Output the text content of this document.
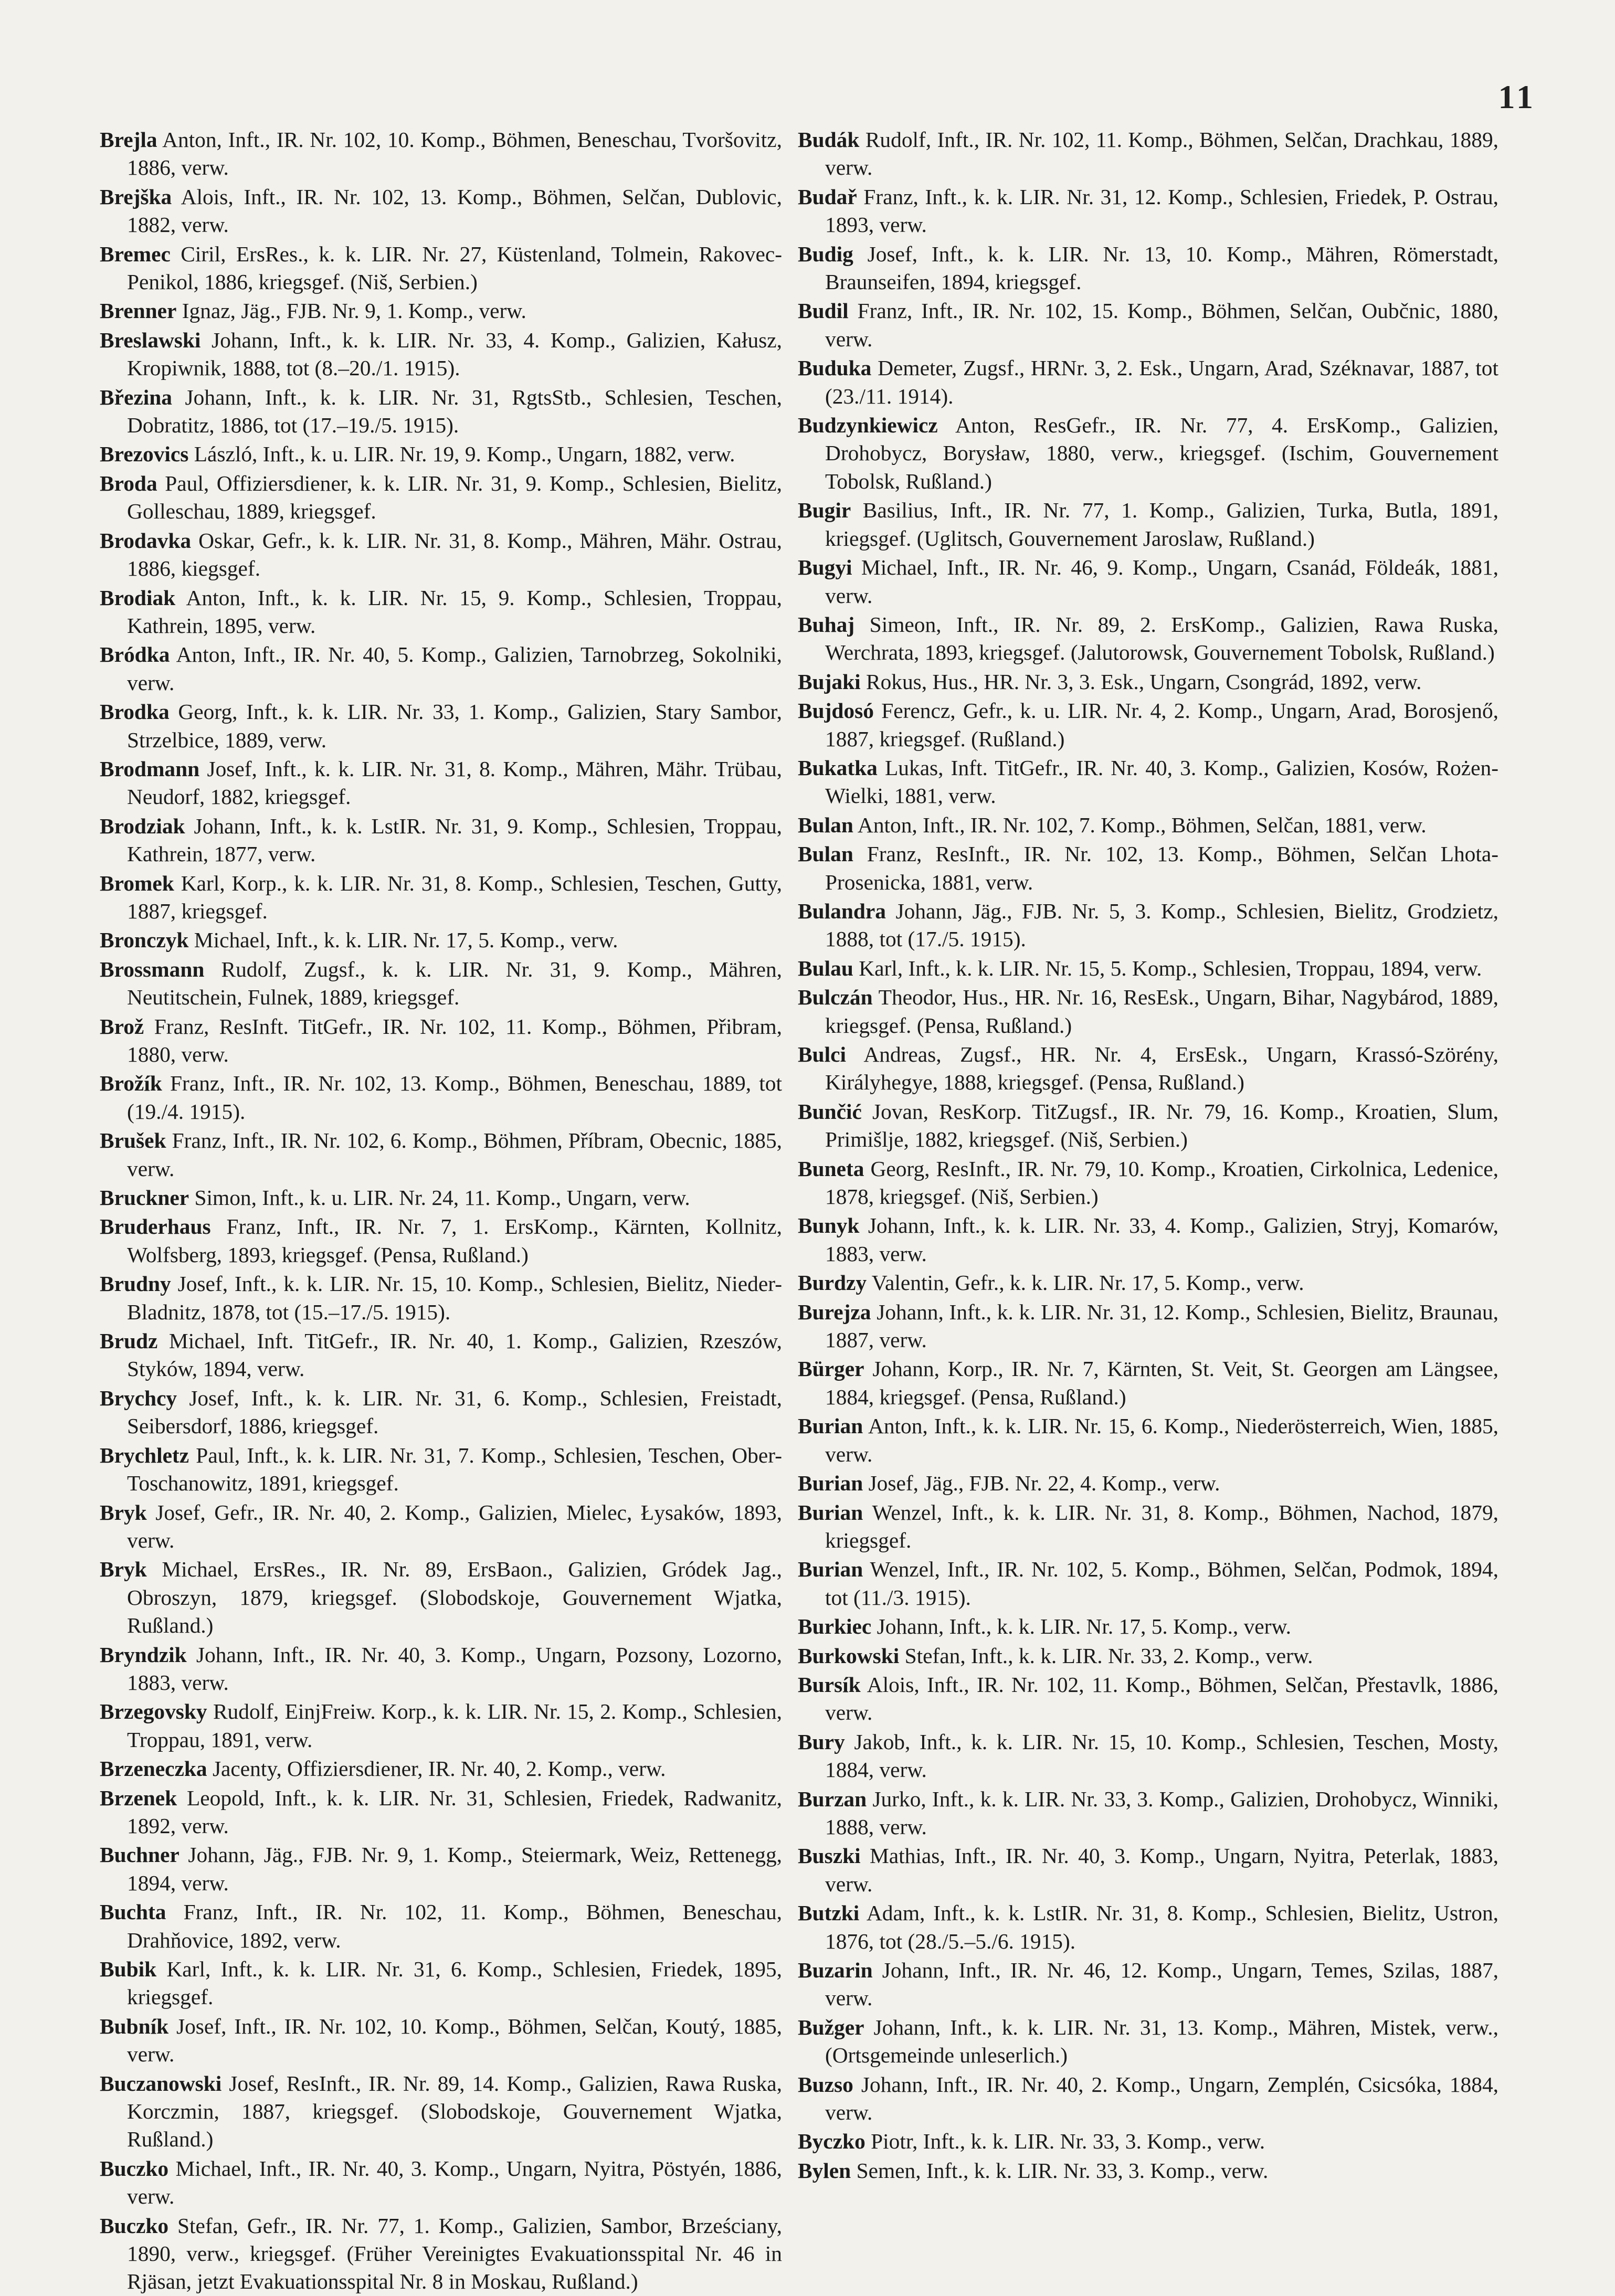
11

Brejla Anton, Inft., IR. Nr. 102, 10. Komp., Böhmen, Beneschau, Tvoršovitz, 1886, verw.

Brejška Alois, Inft., IR. Nr. 102, 13. Komp., Böhmen, Selčan, Dublovic, 1882, verw.

Bremec Ciril, ErsRes., k. k. LIR. Nr. 27, Küstenland, Tolmein, Rakovec-Penikol, 1886, kriegsgef. (Niš, Serbien.)

Brenner Ignaz, Jäg., FJB. Nr. 9, 1. Komp., verw.

Breslawski Johann, Inft., k. k. LIR. Nr. 33, 4. Komp., Galizien, Kałusz, Kropiwnik, 1888, tot (8.–20./1. 1915).

Březina Johann, Inft., k. k. LIR. Nr. 31, RgtsStb., Schlesien, Teschen, Dobratitz, 1886, tot (17.–19./5. 1915).

Brezovics László, Inft., k. u. LIR. Nr. 19, 9. Komp., Ungarn, 1882, verw.

Broda Paul, Offiziersdiener, k. k. LIR. Nr. 31, 9. Komp., Schlesien, Bielitz, Golleschau, 1889, kriegsgef.

Brodavka Oskar, Gefr., k. k. LIR. Nr. 31, 8. Komp., Mähren, Mähr. Ostrau, 1886, kiegsgef.

Brodiak Anton, Inft., k. k. LIR. Nr. 15, 9. Komp., Schlesien, Troppau, Kathrein, 1895, verw.

Bródka Anton, Inft., IR. Nr. 40, 5. Komp., Galizien, Tarnobrzeg, Sokolniki, verw.

Brodka Georg, Inft., k. k. LIR. Nr. 33, 1. Komp., Galizien, Stary Sambor, Strzelbice, 1889, verw.

Brodmann Josef, Inft., k. k. LIR. Nr. 31, 8. Komp., Mähren, Mähr. Trübau, Neudorf, 1882, kriegsgef.

Brodziak Johann, Inft., k. k. LstIR. Nr. 31, 9. Komp., Schlesien, Troppau, Kathrein, 1877, verw.

Bromek Karl, Korp., k. k. LIR. Nr. 31, 8. Komp., Schlesien, Teschen, Gutty, 1887, kriegsgef.

Bronczyk Michael, Inft., k. k. LIR. Nr. 17, 5. Komp., verw.

Brossmann Rudolf, Zugsf., k. k. LIR. Nr. 31, 9. Komp., Mähren, Neutitschein, Fulnek, 1889, kriegsgef.

Brož Franz, ResInft. TitGefr., IR. Nr. 102, 11. Komp., Böhmen, Přibram, 1880, verw.

Brožík Franz, Inft., IR. Nr. 102, 13. Komp., Böhmen, Beneschau, 1889, tot (19./4. 1915).

Brušek Franz, Inft., IR. Nr. 102, 6. Komp., Böhmen, Příbram, Obecnic, 1885, verw.

Bruckner Simon, Inft., k. u. LIR. Nr. 24, 11. Komp., Ungarn, verw.

Bruderhaus Franz, Inft., IR. Nr. 7, 1. ErsKomp., Kärnten, Kollnitz, Wolfsberg, 1893, kriegsgef. (Pensa, Rußland.)

Brudny Josef, Inft., k. k. LIR. Nr. 15, 10. Komp., Schlesien, Bielitz, Nieder-Bladnitz, 1878, tot (15.–17./5. 1915).

Brudz Michael, Inft. TitGefr., IR. Nr. 40, 1. Komp., Galizien, Rzeszów, Styków, 1894, verw.

Brychcy Josef, Inft., k. k. LIR. Nr. 31, 6. Komp., Schlesien, Freistadt, Seibersdorf, 1886, kriegsgef.

Brychletz Paul, Inft., k. k. LIR. Nr. 31, 7. Komp., Schlesien, Teschen, Ober-Toschanowitz, 1891, kriegsgef.

Bryk Josef, Gefr., IR. Nr. 40, 2. Komp., Galizien, Mielec, Łysaków, 1893, verw.

Bryk Michael, ErsRes., IR. Nr. 89, ErsBaon., Galizien, Gródek Jag., Obroszyn, 1879, kriegsgef. (Slobodskoje, Gouvernement Wjatka, Rußland.)

Bryndzik Johann, Inft., IR. Nr. 40, 3. Komp., Ungarn, Pozsony, Lozorno, 1883, verw.

Brzegovsky Rudolf, EinjFreiw. Korp., k. k. LIR. Nr. 15, 2. Komp., Schlesien, Troppau, 1891, verw.

Brzeneczka Jacenty, Offiziersdiener, IR. Nr. 40, 2. Komp., verw.

Brzenek Leopold, Inft., k. k. LIR. Nr. 31, Schlesien, Friedek, Radwanitz, 1892, verw.

Buchner Johann, Jäg., FJB. Nr. 9, 1. Komp., Steiermark, Weiz, Rettenegg, 1894, verw.

Buchta Franz, Inft., IR. Nr. 102, 11. Komp., Böhmen, Beneschau, Drahňovice, 1892, verw.

Bubik Karl, Inft., k. k. LIR. Nr. 31, 6. Komp., Schlesien, Friedek, 1895, kriegsgef.

Bubník Josef, Inft., IR. Nr. 102, 10. Komp., Böhmen, Selčan, Koutý, 1885, verw.

Buczanowski Josef, ResInft., IR. Nr. 89, 14. Komp., Galizien, Rawa Ruska, Korczmin, 1887, kriegsgef. (Slobodskoje, Gouvernement Wjatka, Rußland.)

Buczko Michael, Inft., IR. Nr. 40, 3. Komp., Ungarn, Nyitra, Pöstyén, 1886, verw.

Buczko Stefan, Gefr., IR. Nr. 77, 1. Komp., Galizien, Sambor, Brześciany, 1890, verw., kriegsgef. (Früher Vereinigtes Evakuationsspital Nr. 46 in Rjäsan, jetzt Evakuationsspital Nr. 8 in Moskau, Rußland.)

Budák Rudolf, Inft., IR. Nr. 102, 11. Komp., Böhmen, Selčan, Drachkau, 1889, verw.

Budař Franz, Inft., k. k. LIR. Nr. 31, 12. Komp., Schlesien, Friedek, P. Ostrau, 1893, verw.

Budig Josef, Inft., k. k. LIR. Nr. 13, 10. Komp., Mähren, Römerstadt, Braunseifen, 1894, kriegsgef.

Budil Franz, Inft., IR. Nr. 102, 15. Komp., Böhmen, Selčan, Oubčnic, 1880, verw.

Buduka Demeter, Zugsf., HRNr. 3, 2. Esk., Ungarn, Arad, Széknavar, 1887, tot (23./11. 1914).

Budzynkiewicz Anton, ResGefr., IR. Nr. 77, 4. ErsKomp., Galizien, Drohobycz, Borysław, 1880, verw., kriegsgef. (Ischim, Gouvernement Tobolsk, Rußland.)

Bugir Basilius, Inft., IR. Nr. 77, 1. Komp., Galizien, Turka, Butla, 1891, kriegsgef. (Uglitsch, Gouvernement Jaroslaw, Rußland.)

Bugyi Michael, Inft., IR. Nr. 46, 9. Komp., Ungarn, Csanád, Földeák, 1881, verw.

Buhaj Simeon, Inft., IR. Nr. 89, 2. ErsKomp., Galizien, Rawa Ruska, Werchrata, 1893, kriegsgef. (Jalutorowsk, Gouvernement Tobolsk, Rußland.)

Bujaki Rokus, Hus., HR. Nr. 3, 3. Esk., Ungarn, Csongrád, 1892, verw.

Bujdosó Ferencz, Gefr., k. u. LIR. Nr. 4, 2. Komp., Ungarn, Arad, Borosjenő, 1887, kriegsgef. (Rußland.)

Bukatka Lukas, Inft. TitGefr., IR. Nr. 40, 3. Komp., Galizien, Kosów, Rożen-Wielki, 1881, verw.

Bulan Anton, Inft., IR. Nr. 102, 7. Komp., Böhmen, Selčan, 1881, verw.

Bulan Franz, ResInft., IR. Nr. 102, 13. Komp., Böhmen, Selčan Lhota-Prosenicka, 1881, verw.

Bulandra Johann, Jäg., FJB. Nr. 5, 3. Komp., Schlesien, Bielitz, Grodzietz, 1888, tot (17./5. 1915).

Bulau Karl, Inft., k. k. LIR. Nr. 15, 5. Komp., Schlesien, Troppau, 1894, verw.

Bulczán Theodor, Hus., HR. Nr. 16, ResEsk., Ungarn, Bihar, Nagybárod, 1889, kriegsgef. (Pensa, Rußland.)

Bulci Andreas, Zugsf., HR. Nr. 4, ErsEsk., Ungarn, Krassó-Szörény, Királyhegye, 1888, kriegsgef. (Pensa, Rußland.)

Bunčić Jovan, ResKorp. TitZugsf., IR. Nr. 79, 16. Komp., Kroatien, Slum, Primišlje, 1882, kriegsgef. (Niš, Serbien.)

Buneta Georg, ResInft., IR. Nr. 79, 10. Komp., Kroatien, Cirkolnica, Ledenice, 1878, kriegsgef. (Niš, Serbien.)

Bunyk Johann, Inft., k. k. LIR. Nr. 33, 4. Komp., Galizien, Stryj, Komarów, 1883, verw.

Burdzy Valentin, Gefr., k. k. LIR. Nr. 17, 5. Komp., verw.

Burejza Johann, Inft., k. k. LIR. Nr. 31, 12. Komp., Schlesien, Bielitz, Braunau, 1887, verw.

Bürger Johann, Korp., IR. Nr. 7, Kärnten, St. Veit, St. Georgen am Längsee, 1884, kriegsgef. (Pensa, Rußland.)

Burian Anton, Inft., k. k. LIR. Nr. 15, 6. Komp., Niederösterreich, Wien, 1885, verw.

Burian Josef, Jäg., FJB. Nr. 22, 4. Komp., verw.

Burian Wenzel, Inft., k. k. LIR. Nr. 31, 8. Komp., Böhmen, Nachod, 1879, kriegsgef.

Burian Wenzel, Inft., IR. Nr. 102, 5. Komp., Böhmen, Selčan, Podmok, 1894, tot (11./3. 1915).

Burkiec Johann, Inft., k. k. LIR. Nr. 17, 5. Komp., verw.

Burkowski Stefan, Inft., k. k. LIR. Nr. 33, 2. Komp., verw.

Bursík Alois, Inft., IR. Nr. 102, 11. Komp., Böhmen, Selčan, Přestavlk, 1886, verw.

Bury Jakob, Inft., k. k. LIR. Nr. 15, 10. Komp., Schlesien, Teschen, Mosty, 1884, verw.

Burzan Jurko, Inft., k. k. LIR. Nr. 33, 3. Komp., Galizien, Drohobycz, Winniki, 1888, verw.

Buszki Mathias, Inft., IR. Nr. 40, 3. Komp., Ungarn, Nyitra, Peterlak, 1883, verw.

Butzki Adam, Inft., k. k. LstIR. Nr. 31, 8. Komp., Schlesien, Bielitz, Ustron, 1876, tot (28./5.–5./6. 1915).

Buzarin Johann, Inft., IR. Nr. 46, 12. Komp., Ungarn, Temes, Szilas, 1887, verw.

Bužger Johann, Inft., k. k. LIR. Nr. 31, 13. Komp., Mähren, Mistek, verw., (Ortsgemeinde unleserlich.)

Buzso Johann, Inft., IR. Nr. 40, 2. Komp., Ungarn, Zemplén, Csicsóka, 1884, verw.

Byczko Piotr, Inft., k. k. LIR. Nr. 33, 3. Komp., verw.

Bylen Semen, Inft., k. k. LIR. Nr. 33, 3. Komp., verw.
